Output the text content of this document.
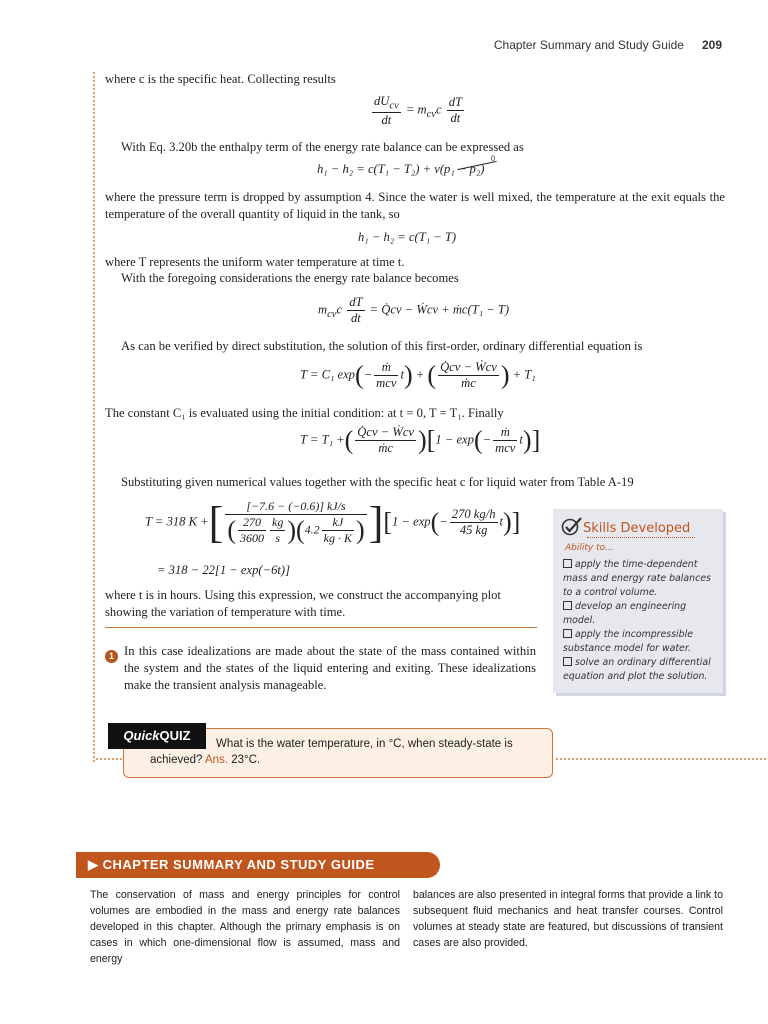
Chapter Summary and Study Guide 209
where c is the specific heat. Collecting results
$\frac{dU_{cv}}{dt} = m_{cv}c \frac{dT}{dt}$
With Eq. 3.20b the enthalpy term of the energy rate balance can be expressed as
h₁ − h₂ = c(T₁ − T₂) + v(p₁ − p₂)
0
where the pressure term is dropped by assumption 4. Since the water is well mixed, the temperature at the exit equals the temperature of the overall quantity of liquid in the tank, so
h₁ − h₂ = c(T₁ − T)
where T represents the uniform water temperature at time t.
With the foregoing considerations the energy rate balance becomes
$m_{cv}c \frac{dT}{dt}$ = Q̇cv − Ẇcv + ṁc(T₁ − T)
As can be verified by direct substitution, the solution of this first-order, ordinary differential equation is
T = C₁ $\exp(- \frac{\text{ṁ}}{\text{mcv}} t)$ + ( $\frac{\text{Q̇cv − Ẇcv}}{\text{ṁc}}$ ) + T₁
The constant C₁ is evaluated using the initial condition: at t = 0, T = T₁. Finally
T = T₁ +( $\frac{\text{Q̇cv − Ẇcv}}{\text{ṁc}} )[1 - \exp(- \frac{\text{ṁ}}{\text{mcv}} t)]$
Substituting given numerical values together with the specific heat c for liquid water from Table A-19
T = 318 K +[ $\frac{[-7.6 - (-0.6)] kJ/s}{( \frac{270}{3600} \frac{kg}{s} )(4.2 \frac{kJ}{kg \cdot K} )} ][1 - \exp(- \frac{270 kg/h}{45 kg} t)]$
= 318 − 22[1 − exp(−6t)]
where t is in hours. Using this expression, we construct the accompanying plot showing the variation of temperature with time.
1 In this case idealizations are made about the state of the mass contained within the system and the states of the liquid entering and exiting. These idealizations make the transient analysis manageable.
Skills Developed
Ability to...
apply the time-dependent mass and energy rate balances to a control volume.
develop an engineering model.
apply the incompressible substance model for water.
solve an ordinary differential equation and plot the solution.
QuickQUIZ
What is the water temperature, in °C, when steady-state is
achieved? Ans. 23°C.
▶ CHAPTER SUMMARY AND STUDY GUIDE
The conservation of mass and energy principles for control volumes are embodied in the mass and energy rate balances developed in this chapter. Although the primary emphasis is on cases in which one-dimensional flow is assumed, mass and energy
balances are also presented in integral forms that provide a link to subsequent fluid mechanics and heat transfer courses. Control volumes at steady state are featured, but discussions of transient cases are also provided.
